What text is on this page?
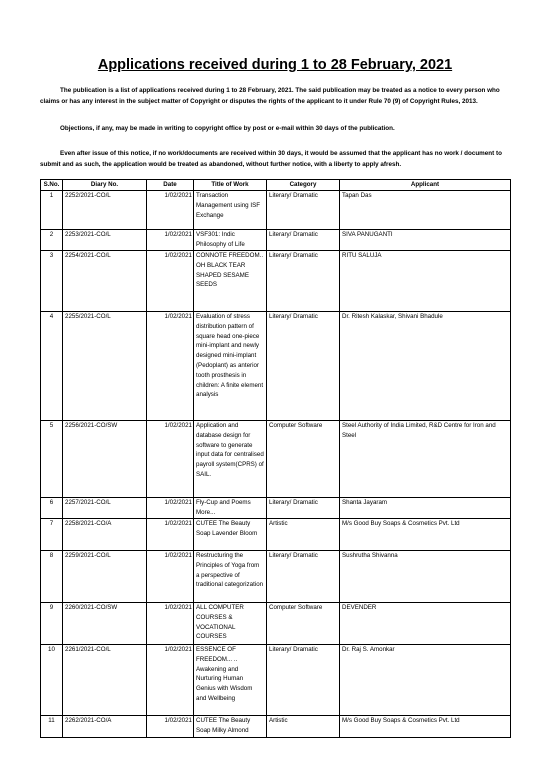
Applications received during 1 to 28 February, 2021
The publication is a list of applications received during 1 to 28 February, 2021. The said publication may be treated as a notice to every person who claims or has any interest in the subject matter of Copyright or disputes the rights of the applicant to it under Rule 70 (9) of Copyright Rules, 2013.
Objections, if any, may be made in writing to copyright office by post or e-mail within 30 days of the publication.
Even after issue of this notice, if no work/documents are received within 30 days, it would be assumed that the applicant has no work / document to submit and as such, the application would be treated as abandoned, without further notice, with a liberty to apply afresh.
S.No.	Diary No.	Date	Title of Work	Category	Applicant
1	2252/2021-CO/L	1/02/2021	Transaction Management using ISF Exchange	Literary/ Dramatic	Tapan Das
2	2253/2021-CO/L	1/02/2021	VSF301: Indic Philosophy of Life	Literary/ Dramatic	SIVA PANUGANTI
3	2254/2021-CO/L	1/02/2021	CONNOTE FREEDOM.. OH BLACK TEAR SHAPED SESAME SEEDS	Literary/ Dramatic	RITU SALUJA
4	2255/2021-CO/L	1/02/2021	Evaluation of stress distribution pattern of square head one-piece mini-implant and newly designed mini-implant (Pedoplant) as anterior tooth prosthesis in children: A finite element analysis	Literary/ Dramatic	Dr. Ritesh Kalaskar, Shivani Bhadule
5	2256/2021-CO/SW	1/02/2021	Application and database design for software to generate input data for centralised payroll system(CPRS) of SAIL.	Computer Software	Steel Authority of India Limited, R&D Centre for Iron and Steel
6	2257/2021-CO/L	1/02/2021	Fly-Cup and Poems More...	Literary/ Dramatic	Shanta Jayaram
7	2258/2021-CO/A	1/02/2021	CUTEE The Beauty Soap Lavender Bloom	Artistic	M/s Good Buy Soaps & Cosmetics Pvt. Ltd
8	2259/2021-CO/L	1/02/2021	Restructuring the Principles of Yoga from a perspective of traditional categorization	Literary/ Dramatic	Sushrutha Shivanna
9	2260/2021-CO/SW	1/02/2021	ALL COMPUTER COURSES & VOCATIONAL COURSES	Computer Software	DEVENDER
10	2261/2021-CO/L	1/02/2021	ESSENCE OF FREEDOM... .. Awakening and Nurturing Human Genius with Wisdom and Wellbeing	Literary/ Dramatic	Dr. Raj S. Amonkar
11	2262/2021-CO/A	1/02/2021	CUTEE The Beauty Soap Milky Almond	Artistic	M/s Good Buy Soaps & Cosmetics Pvt. Ltd
